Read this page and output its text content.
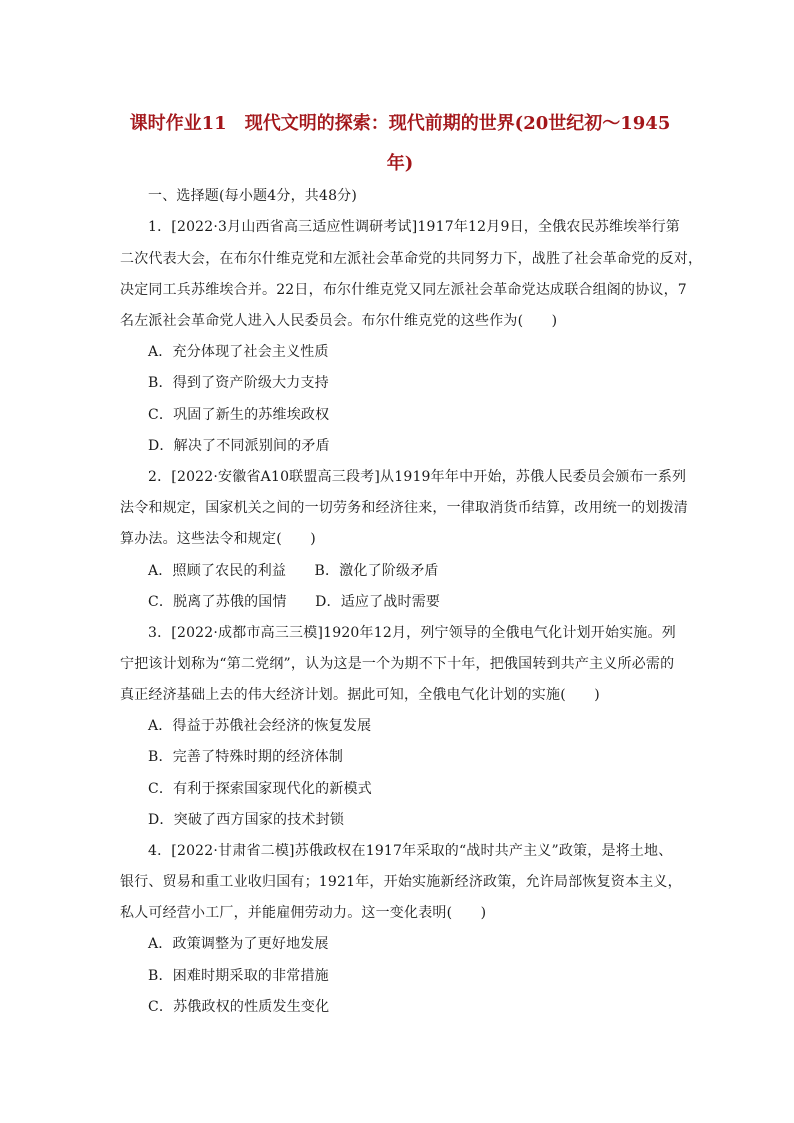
课时作业11　现代文明的探索：现代前期的世界(20世纪初～1945
年)
一、选择题(每小题4分，共48分)
1．[2022·3月山西省高三适应性调研考试]1917年12月9日，全俄农民苏维埃举行第
二次代表大会，在布尔什维克党和左派社会革命党的共同努力下，战胜了社会革命党的反对，
决定同工兵苏维埃合并。22日，布尔什维克党又同左派社会革命党达成联合组阁的协议，7
名左派社会革命党人进入人民委员会。布尔什维克党的这些作为(　　)
A．充分体现了社会主义性质
B．得到了资产阶级大力支持
C．巩固了新生的苏维埃政权
D．解决了不同派别间的矛盾
2．[2022·安徽省A10联盟高三段考]从1919年年中开始，苏俄人民委员会颁布一系列
法令和规定，国家机关之间的一切劳务和经济往来，一律取消货币结算，改用统一的划拨清
算办法。这些法令和规定(　　)
A．照顾了农民的利益　　B．激化了阶级矛盾
C．脱离了苏俄的国情　　D．适应了战时需要
3．[2022·成都市高三三模]1920年12月，列宁领导的全俄电气化计划开始实施。列
宁把该计划称为“第二党纲”，认为这是一个为期不下十年，把俄国转到共产主义所必需的
真正经济基础上去的伟大经济计划。据此可知，全俄电气化计划的实施(　　)
A．得益于苏俄社会经济的恢复发展
B．完善了特殊时期的经济体制
C．有利于探索国家现代化的新模式
D．突破了西方国家的技术封锁
4．[2022·甘肃省二模]苏俄政权在1917年采取的“战时共产主义”政策，是将土地、
银行、贸易和重工业收归国有；1921年，开始实施新经济政策，允许局部恢复资本主义，
私人可经营小工厂，并能雇佣劳动力。这一变化表明(　　)
A．政策调整为了更好地发展
B．困难时期采取的非常措施
C．苏俄政权的性质发生变化
